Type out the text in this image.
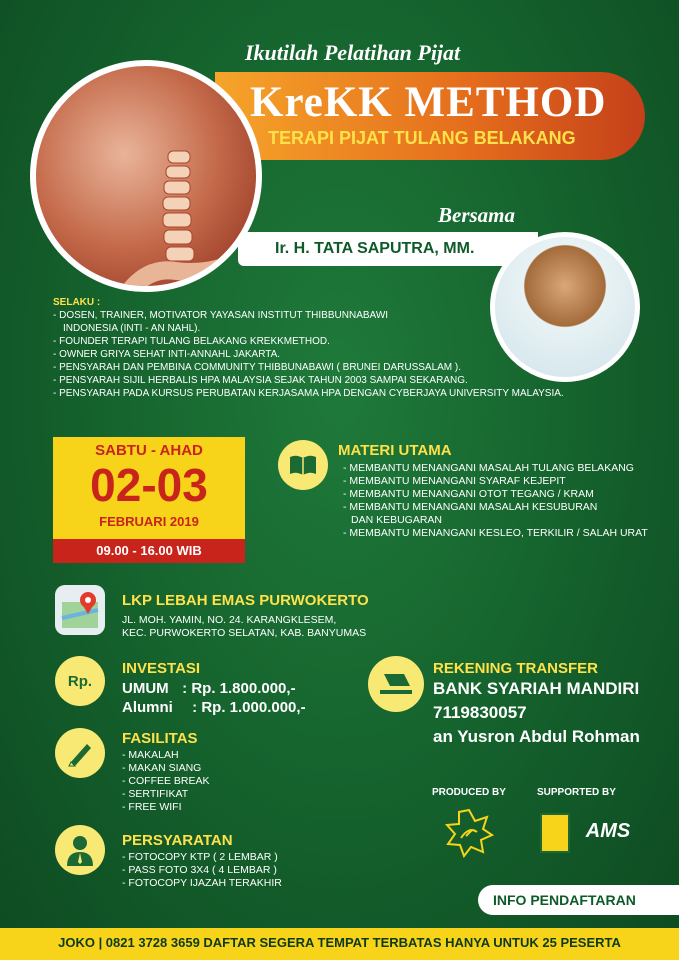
Ikutilah Pelatihan Pijat
KreKK METHOD
TERAPI PIJAT TULANG BELAKANG
Bersama
Ir. H. TATA SAPUTRA, MM.
SELAKU :
- DOSEN, TRAINER, MOTIVATOR YAYASAN INSTITUT THIBBUNNABAWI
INDONESIA (INTI - AN NAHL).
- FOUNDER TERAPI TULANG BELAKANG KREKKMETHOD.
- OWNER GRIYA SEHAT INTI-ANNAHL JAKARTA.
- PENSYARAH DAN PEMBINA COMMUNITY THIBBUNABAWI ( BRUNEI DARUSSALAM ).
- PENSYARAH SIJIL HERBALIS HPA MALAYSIA SEJAK TAHUN 2003 SAMPAI SEKARANG.
- PENSYARAH PADA KURSUS PERUBATAN KERJASAMA HPA DENGAN CYBERJAYA UNIVERSITY MALAYSIA.
SABTU - AHAD
02-03
FEBRUARI 2019
09.00 - 16.00 WIB
MATERI UTAMA
- MEMBANTU MENANGANI MASALAH TULANG BELAKANG
- MEMBANTU MENANGANI SYARAF KEJEPIT
- MEMBANTU MENANGANI OTOT TEGANG / KRAM
- MEMBANTU MENANGANI MASALAH KESUBURAN
DAN KEBUGARAN
- MEMBANTU MENANGANI KESLEO, TERKILIR / SALAH URAT
LKP LEBAH EMAS PURWOKERTO
JL. MOH. YAMIN, NO. 24. KARANGKLESEM,
KEC. PURWOKERTO SELATAN, KAB. BANYUMAS
Rp.
INVESTASI
UMUM : Rp. 1.800.000,-
Alumni : Rp. 1.000.000,-
REKENING TRANSFER
BANK SYARIAH MANDIRI
7119830057
an Yusron Abdul Rohman
FASILITAS
- MAKALAH
- MAKAN SIANG
- COFFEE BREAK
- SERTIFIKAT
- FREE WIFI
PERSYARATAN
- FOTOCOPY KTP ( 2 LEMBAR )
- PASS FOTO 3X4 ( 4 LEMBAR )
- FOTOCOPY IJAZAH TERAKHIR
PRODUCED BY	SUPPORTED BY
AMS
INFO PENDAFTARAN
JOKO | 0821 3728 3659 DAFTAR SEGERA TEMPAT TERBATAS HANYA UNTUK 25 PESERTA
